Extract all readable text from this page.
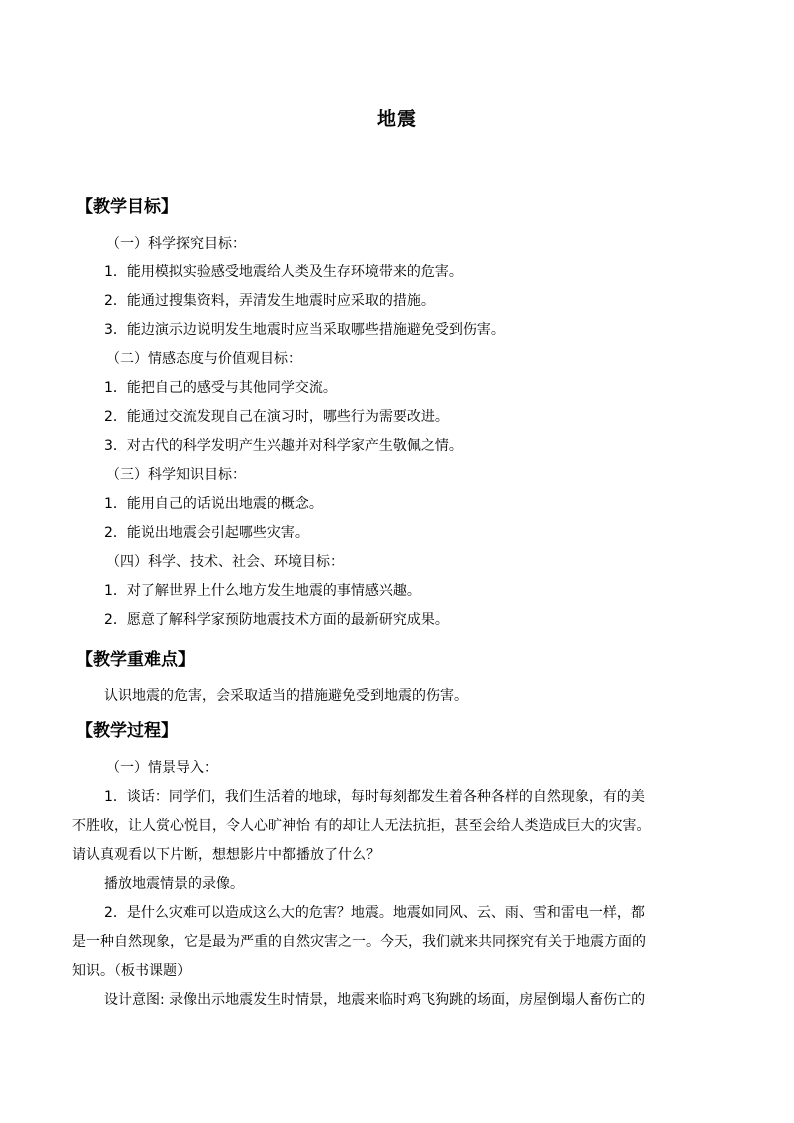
地震
【教学目标】
（一）科学探究目标：
1．能用模拟实验感受地震给人类及生存环境带来的危害。
2．能通过搜集资料，弄清发生地震时应采取的措施。
3．能边演示边说明发生地震时应当采取哪些措施避免受到伤害。
（二）情感态度与价值观目标：
1．能把自己的感受与其他同学交流。
2．能通过交流发现自己在演习时，哪些行为需要改进。
3．对古代的科学发明产生兴趣并对科学家产生敬佩之情。
（三）科学知识目标：
1．能用自己的话说出地震的概念。
2．能说出地震会引起哪些灾害。
（四）科学、技术、社会、环境目标：
1．对了解世界上什么地方发生地震的事情感兴趣。
2．愿意了解科学家预防地震技术方面的最新研究成果。
【教学重难点】
认识地震的危害，会采取适当的措施避免受到地震的伤害。
【教学过程】
（一）情景导入：
1．谈话：同学们，我们生活着的地球，每时每刻都发生着各种各样的自然现象，有的美
不胜收，让人赏心悦目，令人心旷神怡 有的却让人无法抗拒，甚至会给人类造成巨大的灾害。
请认真观看以下片断，想想影片中都播放了什么？
播放地震情景的录像。
2．是什么灾难可以造成这么大的危害？地震。地震如同风、云、雨、雪和雷电一样，都
是一种自然现象，它是最为严重的自然灾害之一。今天，我们就来共同探究有关于地震方面的
知识。（板书课题）
设计意图: 录像出示地震发生时情景，地震来临时鸡飞狗跳的场面，房屋倒塌人畜伤亡的
